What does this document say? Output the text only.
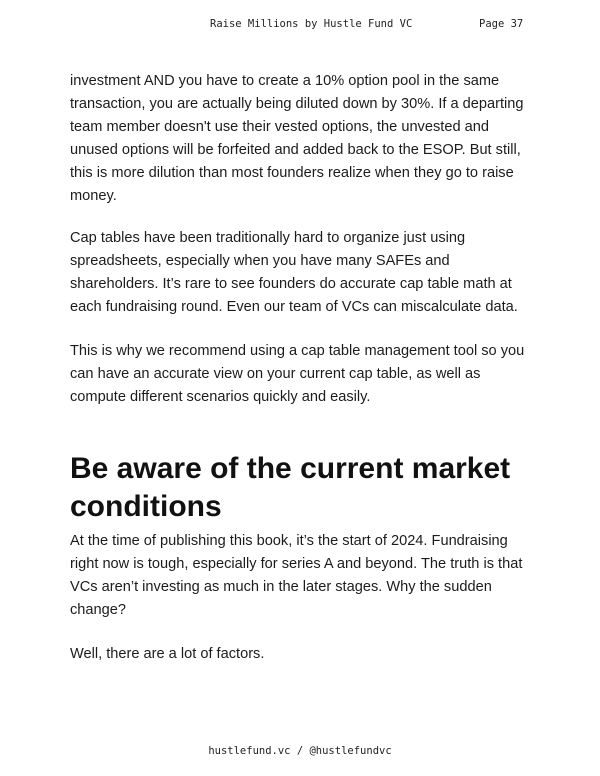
Raise Millions by Hustle Fund VC	Page 37

investment AND you have to create a 10% option pool in the same transaction, you are actually being diluted down by 30%. If a departing team member doesn't use their vested options, the unvested and unused options will be forfeited and added back to the ESOP. But still, this is more dilution than most founders realize when they go to raise money.

Cap tables have been traditionally hard to organize just using spreadsheets, especially when you have many SAFEs and shareholders. It’s rare to see founders do accurate cap table math at each fundraising round. Even our team of VCs can miscalculate data.

This is why we recommend using a cap table management tool so you can have an accurate view on your current cap table, as well as compute different scenarios quickly and easily.

Be aware of the current market conditions

At the time of publishing this book, it’s the start of 2024. Fundraising right now is tough, especially for series A and beyond. The truth is that VCs aren’t investing as much in the later stages. Why the sudden change?

Well, there are a lot of factors.

hustlefund.vc / @hustlefundvc
